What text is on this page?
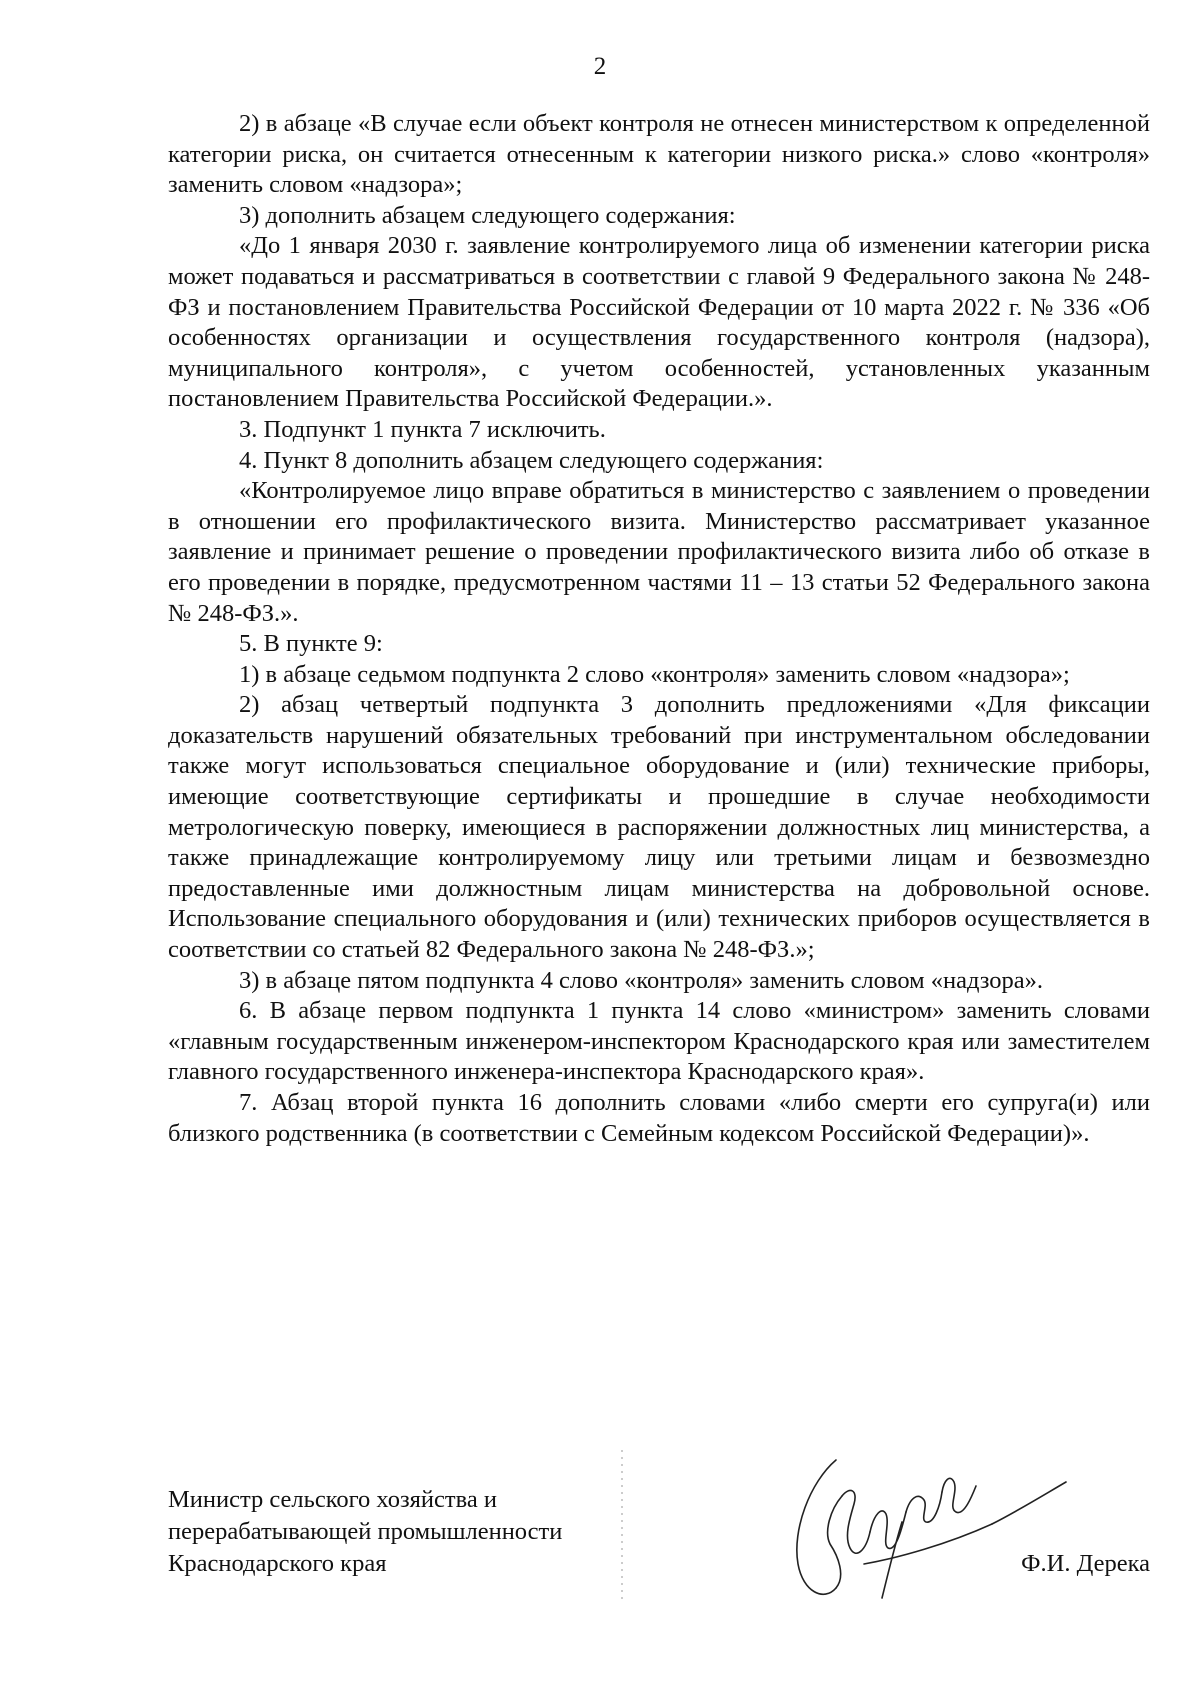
2

2) в абзаце «В случае если объект контроля не отнесен министерством к определенной категории риска, он считается отнесенным к категории низкого риска.» слово «контроля» заменить словом «надзора»;

3) дополнить абзацем следующего содержания:

«До 1 января 2030 г. заявление контролируемого лица об изменении категории риска может подаваться и рассматриваться в соответствии с главой 9 Федерального закона № 248-ФЗ и постановлением Правительства Российской Федерации от 10 марта 2022 г. № 336 «Об особенностях организации и осуществления государственного контроля (надзора), муниципального контроля», с учетом особенностей, установленных указанным постановлением Правительства Российской Федерации.».

3. Подпункт 1 пункта 7 исключить.

4. Пункт 8 дополнить абзацем следующего содержания:

«Контролируемое лицо вправе обратиться в министерство с заявлением о проведении в отношении его профилактического визита. Министерство рассматривает указанное заявление и принимает решение о проведении профилактического визита либо об отказе в его проведении в порядке, предусмотренном частями 11 – 13 статьи 52 Федерального закона № 248-ФЗ.».

5. В пункте 9:

1) в абзаце седьмом подпункта 2 слово «контроля» заменить словом «надзора»;

2) абзац четвертый подпункта 3 дополнить предложениями «Для фиксации доказательств нарушений обязательных требований при инструментальном обследовании также могут использоваться специальное оборудование и (или) технические приборы, имеющие соответствующие сертификаты и прошедшие в случае необходимости метрологическую поверку, имеющиеся в распоряжении должностных лиц министерства, а также принадлежащие контролируемому лицу или третьими лицам и безвозмездно предоставленные ими должностным лицам министерства на добровольной основе. Использование специального оборудования и (или) технических приборов осуществляется в соответствии со статьей 82 Федерального закона № 248-ФЗ.»;

3) в абзаце пятом подпункта 4 слово «контроля» заменить словом «надзора».

6. В абзаце первом подпункта 1 пункта 14 слово «министром» заменить словами «главным государственным инженером-инспектором Краснодарского края или заместителем главного государственного инженера-инспектора Краснодарского края».

7. Абзац второй пункта 16 дополнить словами «либо смерти его супруга(и) или близкого родственника (в соответствии с Семейным кодексом Российской Федерации)».

Министр сельского хозяйства и
перерабатывающей промышленности
Краснодарского края	Ф.И. Дерека
